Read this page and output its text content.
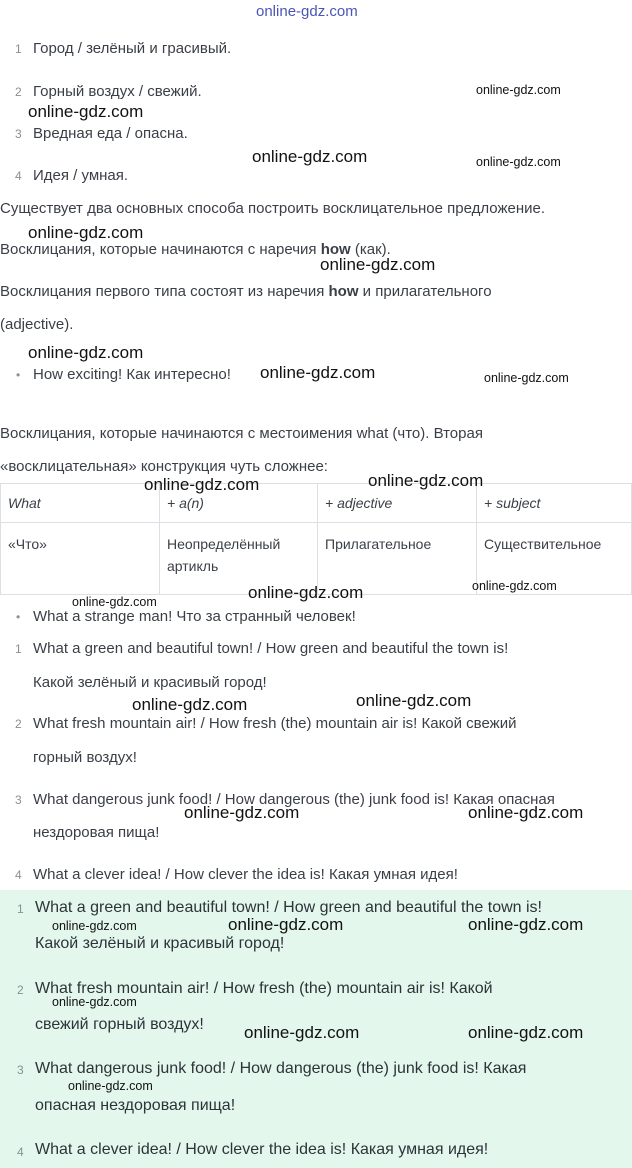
online-gdz.com
1 Город / зелёный и грасивый.
2 Горный воздух / свежий.
3 Вредная еда / опасна.
4 Идея / умная.
Существует два основных способа построить восклицательное предложение.
Восклицания, которые начинаются с наречия how (как).
Восклицания первого типа состоят из наречия how и прилагательного
(adjective).
• How exciting! Как интересно!
Восклицания, которые начинаются с местоимения what (что). Вторая
«восклицательная» конструкция чуть сложнее:
What	+ a(n)	+ adjective	+ subject
«Что»	Неопределённый артикль	Прилагательное	Существительное
• What a strange man! Что за странный человек!
1 What a green and beautiful town! / How green and beautiful the town is!
Какой зелёный и красивый город!
2 What fresh mountain air! / How fresh (the) mountain air is! Какой свежий
горный воздух!
3 What dangerous junk food! / How dangerous (the) junk food is! Какая опасная
нездоровая пища!
4 What a clever idea! / How clever the idea is! Какая умная идея!
1 What a green and beautiful town! / How green and beautiful the town is!
Какой зелёный и красивый город!
2 What fresh mountain air! / How fresh (the) mountain air is! Какой
свежий горный воздух!
3 What dangerous junk food! / How dangerous (the) junk food is! Какая
опасная нездоровая пища!
4 What a clever idea! / How clever the idea is! Какая умная идея!
online-gdz.com
online-gdz.com
online-gdz.com	online-gdz.com
online-gdz.com
online-gdz.com
online-gdz.com
online-gdz.com	online-gdz.com
online-gdz.com
online-gdz.com
online-gdz.com	online-gdz.com
online-gdz.com
online-gdz.com
online-gdz.com
online-gdz.com	online-gdz.com
online-gdz.com	online-gdz.com
online-gdz.com
online-gdz.com
online-gdz.com	online-gdz.com
online-gdz.com
